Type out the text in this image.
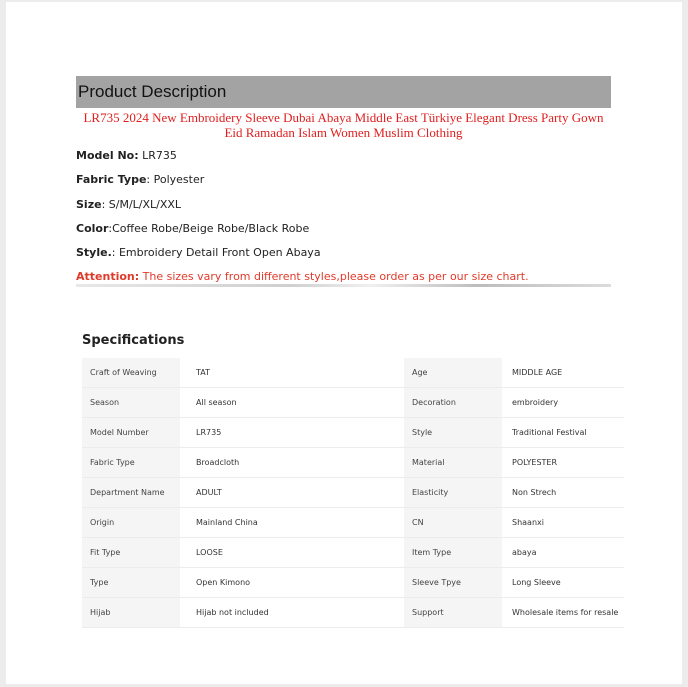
Product Description
LR735 2024 New Embroidery Sleeve Dubai Abaya Middle East Türkiye Elegant Dress Party Gown Eid Ramadan Islam Women Muslim Clothing
Model No: LR735
Fabric Type: Polyester
Size: S/M/L/XL/XXL
Color:Coffee Robe/Beige Robe/Black Robe
Style.: Embroidery Detail Front Open Abaya
Attention: The sizes vary from different styles,please order as per our size chart.
Specifications
Craft of Weaving	TAT		Age	MIDDLE AGE
Season	All season		Decoration	embroidery
Model Number	LR735		Style	Traditional Festival
Fabric Type	Broadcloth		Material	POLYESTER
Department Name	ADULT		Elasticity	Non Strech
Origin	Mainland China		CN	Shaanxi
Fit Type	LOOSE		Item Type	abaya
Type	Open Kimono		Sleeve Tpye	Long Sleeve
Hijab	Hijab not included		Support	Wholesale items for resale
